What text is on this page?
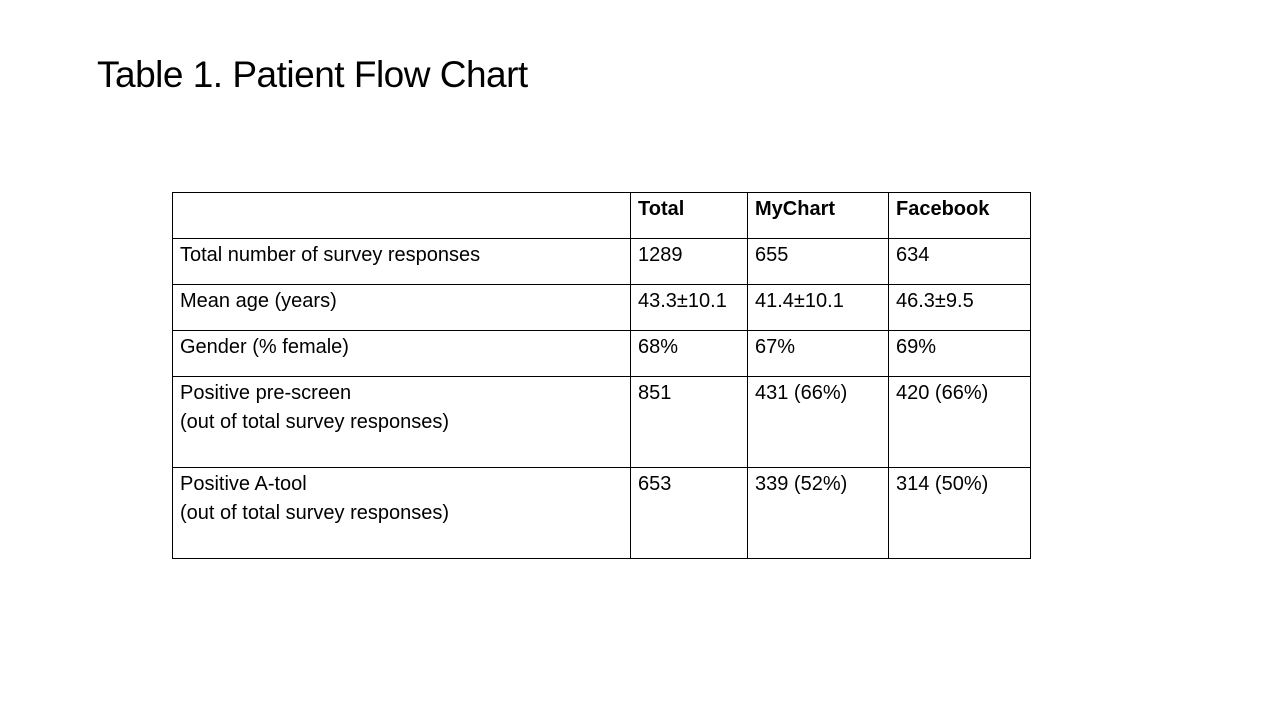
Table 1. Patient Flow Chart
	Total	MyChart	Facebook
Total number of survey responses	1289	655	634
Mean age (years)	43.3±10.1	41.4±10.1	46.3±9.5
Gender (% female)	68%	67%	69%
Positive pre-screen
(out of total survey responses)	851	431 (66%)	420 (66%)
Positive A-tool
(out of total survey responses)	653	339 (52%)	314 (50%)
